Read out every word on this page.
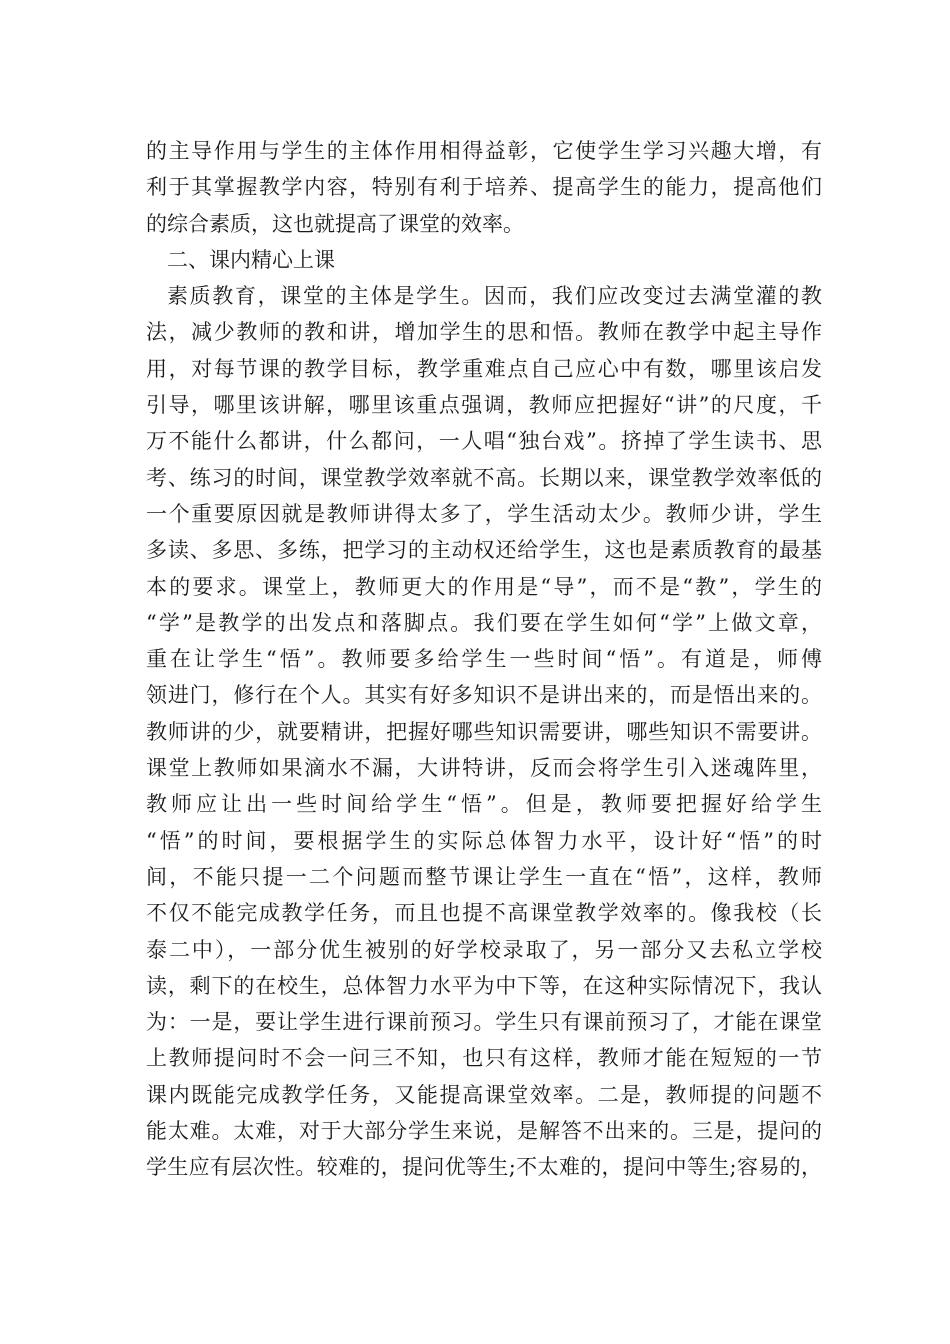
的主导作用与学生的主体作用相得益彰，它使学生学习兴趣大增，有
利于其掌握教学内容，特别有利于培养、提高学生的能力，提高他们
的综合素质，这也就提高了课堂的效率。
二、课内精心上课
素质教育，课堂的主体是学生。因而，我们应改变过去满堂灌的教
法，减少教师的教和讲，增加学生的思和悟。教师在教学中起主导作
用，对每节课的教学目标，教学重难点自己应心中有数，哪里该启发
引导，哪里该讲解，哪里该重点强调，教师应把握好“讲”的尺度，千
万不能什么都讲，什么都问，一人唱“独台戏”。挤掉了学生读书、思
考、练习的时间，课堂教学效率就不高。长期以来，课堂教学效率低的
一个重要原因就是教师讲得太多了，学生活动太少。教师少讲，学生
多读、多思、多练，把学习的主动权还给学生，这也是素质教育的最基
本的要求。课堂上，教师更大的作用是“导”，而不是“教”，学生的
“学”是教学的出发点和落脚点。我们要在学生如何“学”上做文章，
重在让学生“悟”。教师要多给学生一些时间“悟”。有道是，师傅
领进门，修行在个人。其实有好多知识不是讲出来的，而是悟出来的。
教师讲的少，就要精讲，把握好哪些知识需要讲，哪些知识不需要讲。
课堂上教师如果滴水不漏，大讲特讲，反而会将学生引入迷魂阵里，
教师应让出一些时间给学生“悟”。但是，教师要把握好给学生
“悟”的时间，要根据学生的实际总体智力水平，设计好“悟”的时
间，不能只提一二个问题而整节课让学生一直在“悟”，这样，教师
不仅不能完成教学任务，而且也提不高课堂教学效率的。像我校（长
泰二中），一部分优生被别的好学校录取了，另一部分又去私立学校
读，剩下的在校生，总体智力水平为中下等，在这种实际情况下，我认
为：一是，要让学生进行课前预习。学生只有课前预习了，才能在课堂
上教师提问时不会一问三不知，也只有这样，教师才能在短短的一节
课内既能完成教学任务，又能提高课堂效率。二是，教师提的问题不
能太难。太难，对于大部分学生来说，是解答不出来的。三是，提问的
学生应有层次性。较难的，提问优等生;不太难的，提问中等生;容易的，
